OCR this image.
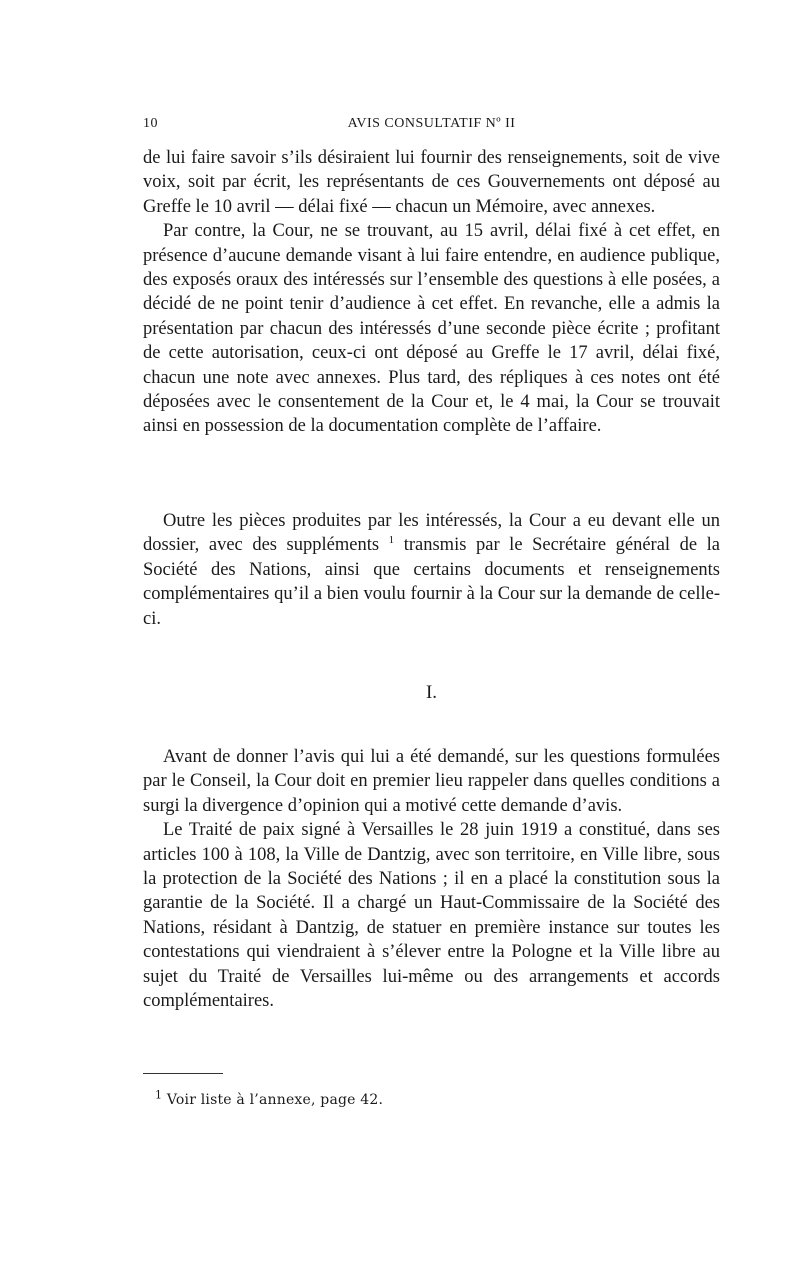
10	AVIS CONSULTATIF Nº II

de lui faire savoir s’ils désiraient lui fournir des renseignements, soit de vive voix, soit par écrit, les représentants de ces Gouvernements ont déposé au Greffe le 10 avril — délai fixé — chacun un Mémoire, avec annexes.

Par contre, la Cour, ne se trouvant, au 15 avril, délai fixé à cet effet, en présence d’aucune demande visant à lui faire entendre, en audience publique, des exposés oraux des intéressés sur l’ensemble des questions à elle posées, a décidé de ne point tenir d’audience à cet effet. En revanche, elle a admis la présentation par chacun des intéressés d’une seconde pièce écrite ; profitant de cette autorisation, ceux-ci ont déposé au Greffe le 17 avril, délai fixé, chacun une note avec annexes. Plus tard, des répliques à ces notes ont été déposées avec le consentement de la Cour et, le 4 mai, la Cour se trouvait ainsi en possession de la documentation complète de l’affaire.

Outre les pièces produites par les intéressés, la Cour a eu devant elle un dossier, avec des suppléments $^1$ transmis par le Secrétaire général de la Société des Nations, ainsi que certains documents et renseignements complémentaires qu’il a bien voulu fournir à la Cour sur la demande de celle-ci.

I.

Avant de donner l’avis qui lui a été demandé, sur les questions formulées par le Conseil, la Cour doit en premier lieu rappeler dans quelles conditions a surgi la divergence d’opinion qui a motivé cette demande d’avis.

Le Traité de paix signé à Versailles le 28 juin 1919 a constitué, dans ses articles 100 à 108, la Ville de Dantzig, avec son territoire, en Ville libre, sous la protection de la Société des Nations ; il en a placé la constitution sous la garantie de la Société. Il a chargé un Haut-Commissaire de la Société des Nations, résidant à Dantzig, de statuer en première instance sur toutes les contestations qui viendraient à s’élever entre la Pologne et la Ville libre au sujet du Traité de Versailles lui-même ou des arrangements et accords complémentaires.

$^1$ Voir liste à l’annexe, page 42.
